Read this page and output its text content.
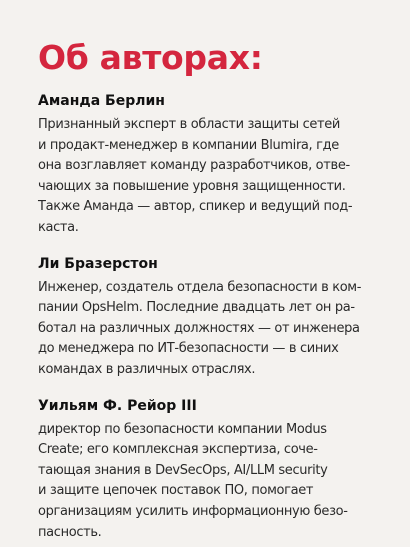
Об авторах:
Аманда Берлин
Признанный эксперт в области защиты сетей
и продакт-менеджер в компании Blumira, где
она возглавляет команду разработчиков, отве-
чающих за повышение уровня защищенности.
Также Аманда — автор, спикер и ведущий под-
каста.
Ли Бразерстон
Инженер, создатель отдела безопасности в ком-
пании OpsHelm. Последние двадцать лет он ра-
ботал на различных должностях — от инженера
до менеджера по ИТ-безопасности — в синих
командах в различных отраслях.
Уильям Ф. Рейор III
директор по безопасности компании Modus
Create; его комплексная экспертиза, сочe-
тающая знания в DevSecOps, AI/LLM security
и защите цепочек поставок ПО, помогает
организациям усилить информационную безо-
пасность.
